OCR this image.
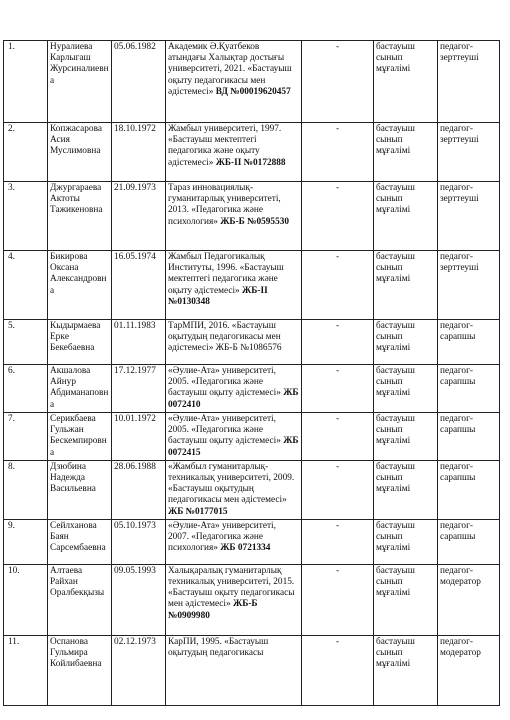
1.	Нуралиева Карлыгаш Журсиналиевна	05.06.1982	Академик Ә.Қуатбеков атындағы Халықтар достығы университеті, 2021. «Бастауыш оқыту педагогикасы мен әдістемесі» ВД №00019620457	-	бастауыш сынып мұғалімі	педагог-зерттеуші
2.	Копжасарова Асия Муслимовна	18.10.1972	Жамбыл университеті, 1997. «Бастауыш мектептегі педагогика және оқыту әдістемесі» ЖБ-II №0172888	-	бастауыш сынып мұғалімі	педагог-зерттеуші
3.	Джургараева Актоты Тажикеновна	21.09.1973	Тараз инновациялық-гуманитарлық университеті, 2013. «Педагогика және психология» ЖБ-Б №0595530	-	бастауыш сынып мұғалімі	педагог-зерттеуші
4.	Бикирова Оксана Александровна	16.05.1974	Жамбыл Педагогикалық Институты, 1996. «Бастауыш мектептегі педагогика және оқыту әдістемесі» ЖБ-II №0130348	-	бастауыш сынып мұғалімі	педагог-зерттеуші
5.	Кыдырмаева Еркe Бекебаевна	01.11.1983	ТарМПИ, 2016. «Бастауыш оқытудың педагогикасы мен әдістемесі» ЖБ-Б №1086576	-	бастауыш сынып мұғалімі	педагог-сарапшы
6.	Акшалова Айнур Абдиманаповна	17.12.1977	«Әулие-Ата» университеті, 2005. «Педагогика және бастауыш оқыту әдістемесі» ЖБ 0072410	-	бастауыш сынып мұғалімі	педагог-сарапшы
7.	Серикбаева Гульжан Бескемпировна	10.01.1972	«Әулие-Ата» университеті, 2005. «Педагогика және бастауыш оқыту әдістемесі» ЖБ 0072415	-	бастауыш сынып мұғалімі	педагог-сарапшы
8.	Дзюбина Надежда Васильевна	28.06.1988	«Жамбыл гуманитарлық-техникалық университеті, 2009. «Бастауыш оқытудың педагогикасы мен әдістемесі» ЖБ №0177015	-	бастауыш сынып мұғалімі	педагог-сарапшы
9.	Сейлханова Баян Сарсембаевна	05.10.1973	«Әулие-Ата» университеті, 2007. «Педагогика және психология» ЖБ 0721334	-	бастауыш сынып мұғалімі	педагог-сарапшы
10.	Алтаева Райхан Оралбекқызы	09.05.1993	Халықаралық гуманитарлық техникалық университеті, 2015. «Бастауыш оқыту педагогикасы мен әдістемесі» ЖБ-Б №0909980	-	бастауыш сынып мұғалімі	педагог-модератор
11.	Оспанова Гульмира Койлибаевна	02.12.1973	КарПИ, 1995. «Бастауыш оқытудың педагогикасы	-	бастауыш сынып мұғалімі	педагог-модератор
